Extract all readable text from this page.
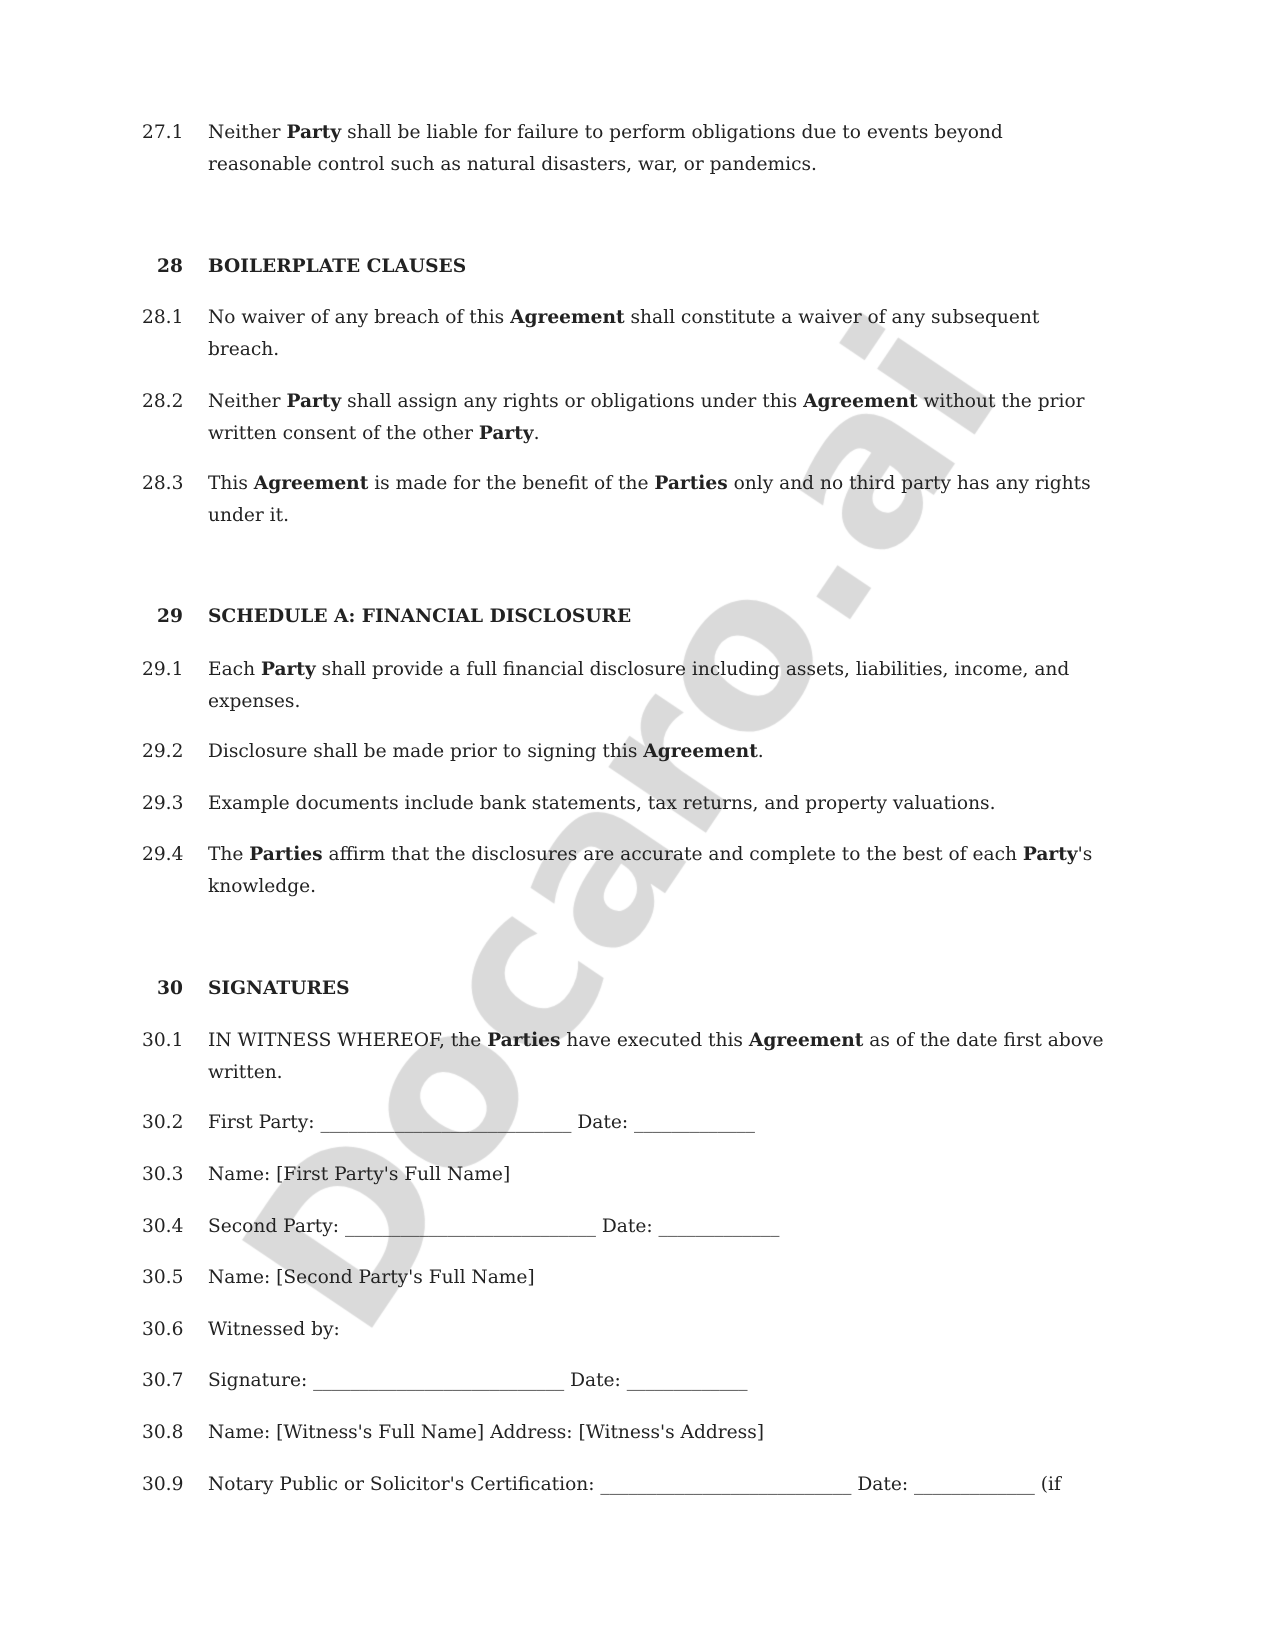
27.1 Neither Party shall be liable for failure to perform obligations due to events beyond
reasonable control such as natural disasters, war, or pandemics.
28 BOILERPLATE CLAUSES
28.1 No waiver of any breach of this Agreement shall constitute a waiver of any subsequent
breach.
28.2 Neither Party shall assign any rights or obligations under this Agreement without the prior
written consent of the other Party.
28.3 This Agreement is made for the benefit of the Parties only and no third party has any rights
under it.
29 SCHEDULE A: FINANCIAL DISCLOSURE
29.1 Each Party shall provide a full financial disclosure including assets, liabilities, income, and
expenses.
29.2 Disclosure shall be made prior to signing this Agreement.
29.3 Example documents include bank statements, tax returns, and property valuations.
29.4 The Parties affirm that the disclosures are accurate and complete to the best of each Party's
knowledge.
30 SIGNATURES
30.1 IN WITNESS WHEREOF, the Parties have executed this Agreement as of the date first above
written.
30.2 First Party: ___________________________ Date: _____________
30.3 Name: [First Party's Full Name]
30.4 Second Party: ___________________________ Date: _____________
30.5 Name: [Second Party's Full Name]
30.6 Witnessed by:
30.7 Signature: ___________________________ Date: _____________
30.8 Name: [Witness's Full Name] Address: [Witness's Address]
30.9 Notary Public or Solicitor's Certification: ___________________________ Date: _____________ (if
